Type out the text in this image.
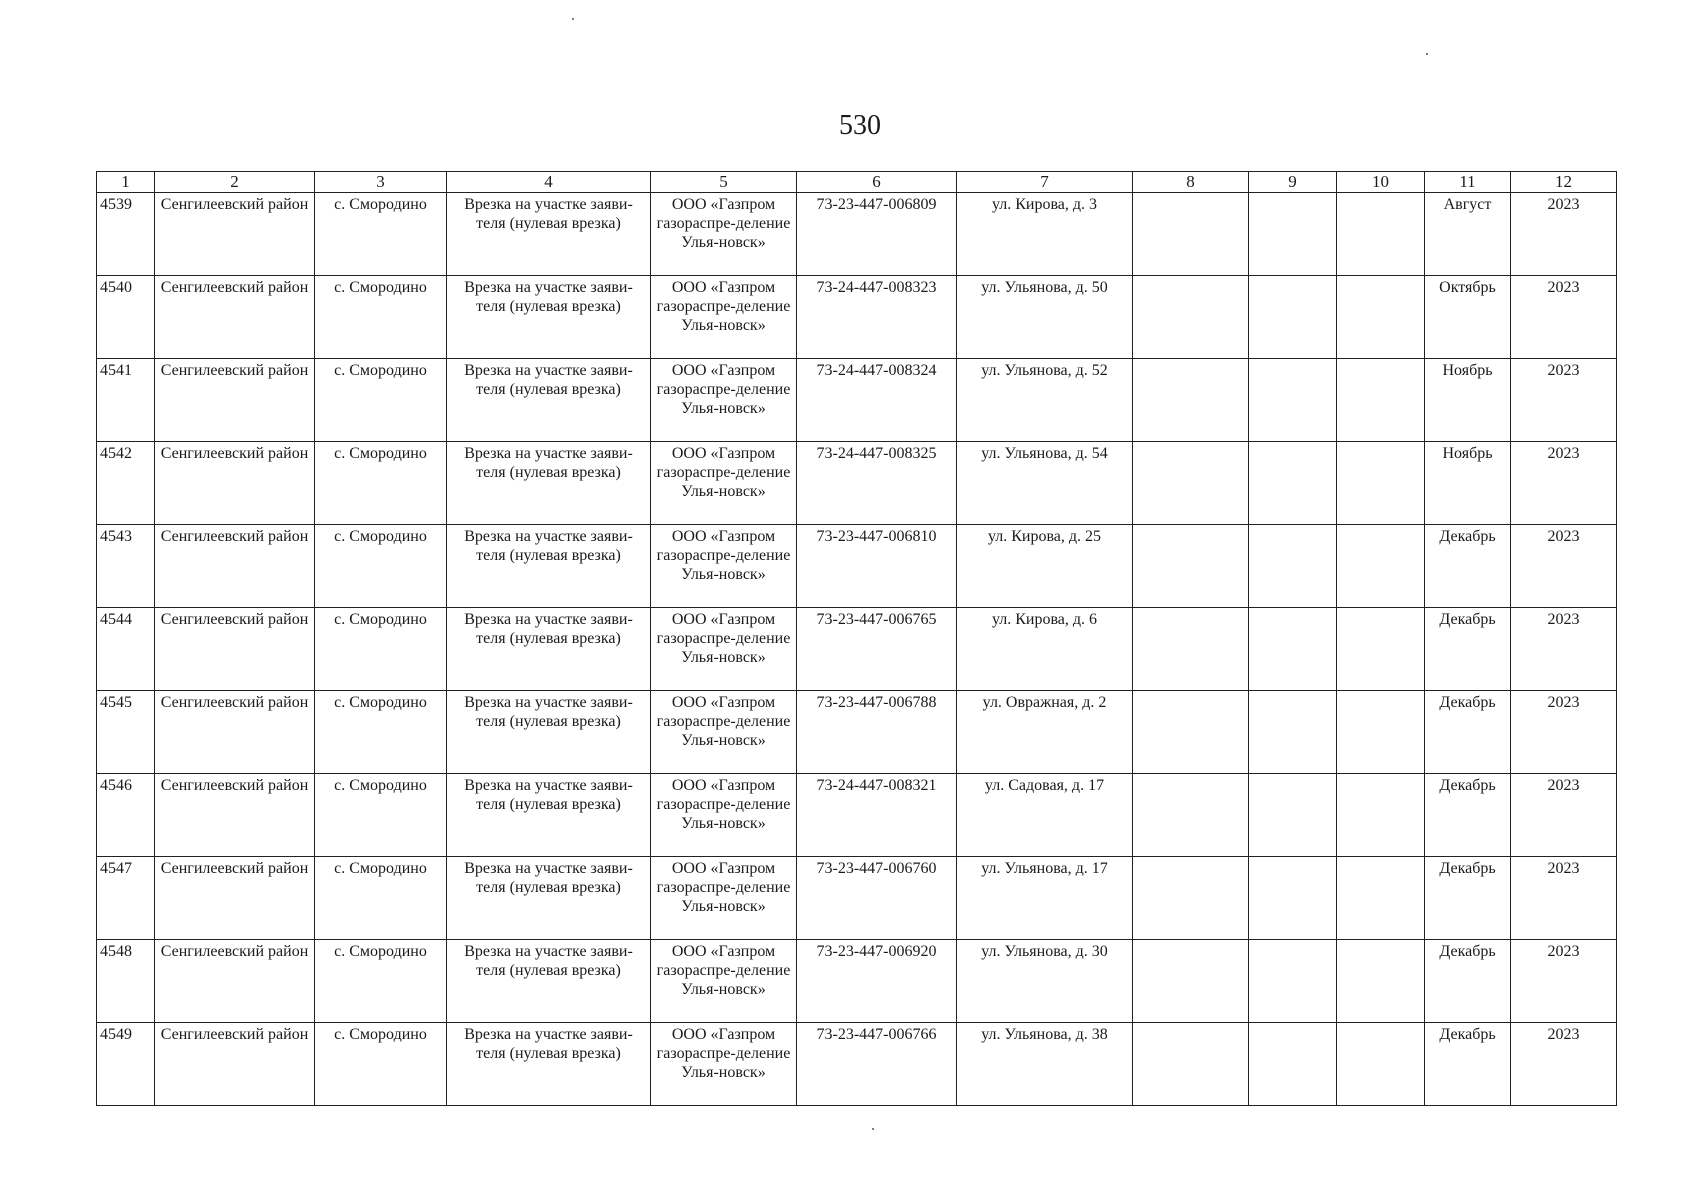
530
1	2	3	4	5	6	7	8	9	10	11	12
4539	Сенгилеевский район	с. Смородино	Врезка на участке заяви-теля (нулевая врезка)	ООО «Газпром газораспре-деление Улья-новск»	73-23-447-006809	ул. Кирова, д. 3				Август	2023
4540	Сенгилеевский район	с. Смородино	Врезка на участке заяви-теля (нулевая врезка)	ООО «Газпром газораспре-деление Улья-новск»	73-24-447-008323	ул. Ульянова, д. 50				Октябрь	2023
4541	Сенгилеевский район	с. Смородино	Врезка на участке заяви-теля (нулевая врезка)	ООО «Газпром газораспре-деление Улья-новск»	73-24-447-008324	ул. Ульянова, д. 52				Ноябрь	2023
4542	Сенгилеевский район	с. Смородино	Врезка на участке заяви-теля (нулевая врезка)	ООО «Газпром газораспре-деление Улья-новск»	73-24-447-008325	ул. Ульянова, д. 54				Ноябрь	2023
4543	Сенгилеевский район	с. Смородино	Врезка на участке заяви-теля (нулевая врезка)	ООО «Газпром газораспре-деление Улья-новск»	73-23-447-006810	ул. Кирова, д. 25				Декабрь	2023
4544	Сенгилеевский район	с. Смородино	Врезка на участке заяви-теля (нулевая врезка)	ООО «Газпром газораспре-деление Улья-новск»	73-23-447-006765	ул. Кирова, д. 6				Декабрь	2023
4545	Сенгилеевский район	с. Смородино	Врезка на участке заяви-теля (нулевая врезка)	ООО «Газпром газораспре-деление Улья-новск»	73-23-447-006788	ул. Овражная, д. 2				Декабрь	2023
4546	Сенгилеевский район	с. Смородино	Врезка на участке заяви-теля (нулевая врезка)	ООО «Газпром газораспре-деление Улья-новск»	73-24-447-008321	ул. Садовая, д. 17				Декабрь	2023
4547	Сенгилеевский район	с. Смородино	Врезка на участке заяви-теля (нулевая врезка)	ООО «Газпром газораспре-деление Улья-новск»	73-23-447-006760	ул. Ульянова, д. 17				Декабрь	2023
4548	Сенгилеевский район	с. Смородино	Врезка на участке заяви-теля (нулевая врезка)	ООО «Газпром газораспре-деление Улья-новск»	73-23-447-006920	ул. Ульянова, д. 30				Декабрь	2023
4549	Сенгилеевский район	с. Смородино	Врезка на участке заяви-теля (нулевая врезка)	ООО «Газпром газораспре-деление Улья-новск»	73-23-447-006766	ул. Ульянова, д. 38				Декабрь	2023
